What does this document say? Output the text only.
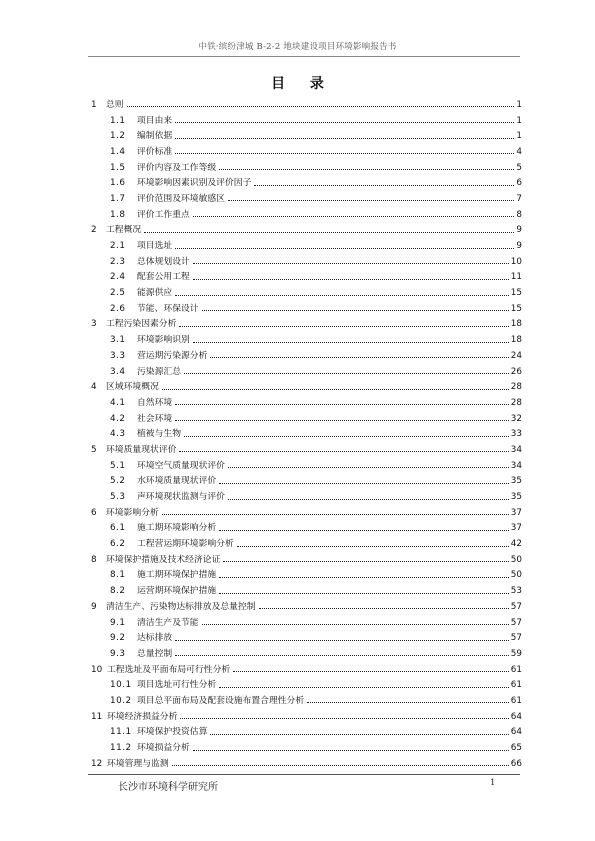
中铁·缤纷津城 B-2-2 地块建设项目环境影响报告书
目 录
1	总则	1
1.1	项目由来	1
1.2	编制依据	1
1.4	评价标准	4
1.5	评价内容及工作等级	5
1.6	环境影响因素识别及评价因子	6
1.7	评价范围及环境敏感区	7
1.8	评价工作重点	8
2	工程概况	9
2.1	项目选址	9
2.3	总体规划设计	10
2.4	配套公用工程	11
2.5	能源供应	15
2.6	节能、环保设计	15
3	工程污染因素分析	18
3.1	环境影响识别	18
3.3	营运期污染源分析	24
3.4	污染源汇总	26
4	区域环境概况	28
4.1	自然环境	28
4.2	社会环境	32
4.3	植被与生物	33
5	环境质量现状评价	34
5.1	环境空气质量现状评价	34
5.2	水环境质量现状评价	35
5.3	声环境现状监测与评价	35
6	环境影响分析	37
6.1	施工期环境影响分析	37
6.2	工程营运期环境影响分析	42
8	环境保护措施及技术经济论证	50
8.1	施工期环境保护措施	50
8.2	运营期环境保护措施	53
9	清洁生产、污染物达标排放及总量控制	57
9.1	清洁生产及节能	57
9.2	达标排放	57
9.3	总量控制	59
10 工程选址及平面布局可行性分析	61
10.1 项目选址可行性分析	61
10.2 项目总平面布局及配套设施布置合理性分析	61
11 环境经济损益分析	64
11.1 环境保护投资估算	64
11.2 环境损益分析	65
12 环境管理与监测	66
长沙市环境科学研究所	1
